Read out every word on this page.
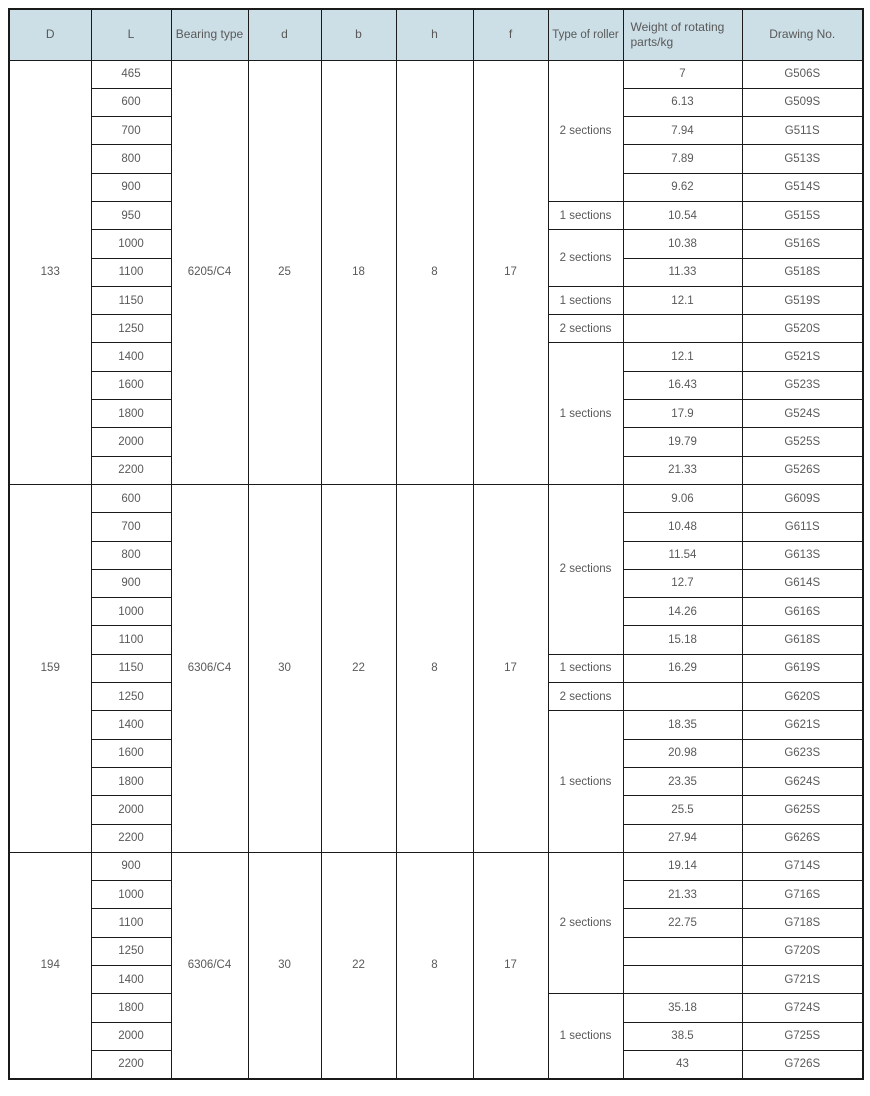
D	L	Bearing type	d	b	h	f	Type of roller	Weight of rotating parts/kg	Drawing No.
133	465	6205/C4	25	18	8	17	2 sections	7	G506S
	600							6.13	G509S
	700							7.94	G511S
	800							7.89	G513S
	900							9.62	G514S
	950						1 sections	10.54	G515S
	1000						2 sections	10.38	G516S
	1100							11.33	G518S
	1150						1 sections	12.1	G519S
	1250						2 sections		G520S
	1400						1 sections	12.1	G521S
	1600							16.43	G523S
	1800							17.9	G524S
	2000							19.79	G525S
	2200							21.33	G526S
159	600	6306/C4	30	22	8	17	2 sections	9.06	G609S
	700							10.48	G611S
	800							11.54	G613S
	900							12.7	G614S
	1000							14.26	G616S
	1100							15.18	G618S
	1150						1 sections	16.29	G619S
	1250						2 sections		G620S
	1400						1 sections	18.35	G621S
	1600							20.98	G623S
	1800							23.35	G624S
	2000							25.5	G625S
	2200							27.94	G626S
194	900	6306/C4	30	22	8	17	2 sections	19.14	G714S
	1000							21.33	G716S
	1100							22.75	G718S
	1250								G720S
	1400								G721S
	1800						1 sections	35.18	G724S
	2000							38.5	G725S
	2200							43	G726S
